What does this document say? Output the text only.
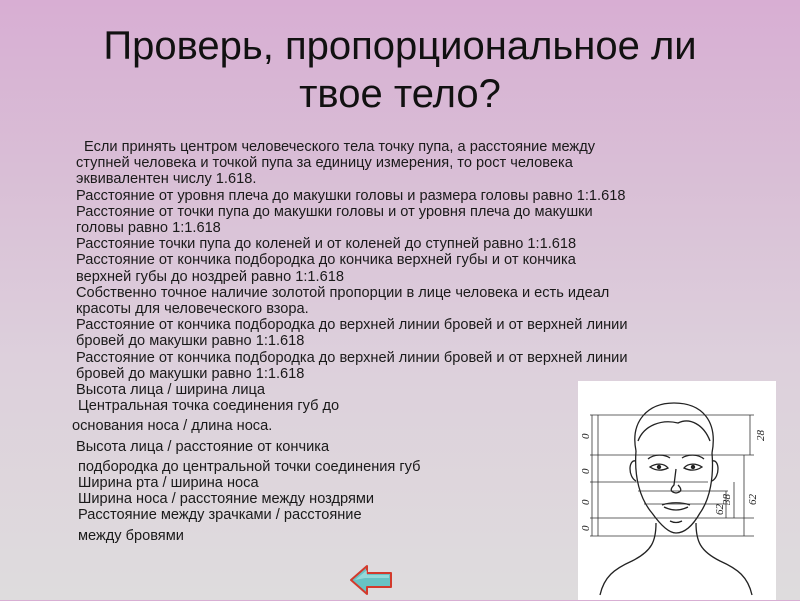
Проверь, пропорциональное ли
твое тело?
Если принять центром человеческого тела точку пупа, а расстояние между
ступней человека и точкой пупа за единицу измерения, то рост человека
эквивалентен числу 1.618.
Расстояние от уровня плеча до макушки головы и размера головы равно 1:1.618
Расстояние от точки пупа до макушки головы и от уровня плеча до макушки
головы равно 1:1.618
Расстояние точки пупа до коленей и от коленей до ступней равно 1:1.618
Расстояние от кончика подбородка до кончика верхней губы и от кончика
верхней губы до ноздрей равно 1:1.618
Собственно точное наличие золотой пропорции в лице человека и есть идеал
красоты для человеческого взора.
Расстояние от кончика подбородка до верхней линии бровей и от верхней линии
бровей до макушки равно 1:1.618
Расстояние от кончика подбородка до верхней линии бровей и от верхней линии
бровей до макушки равно 1:1.618
Высота лица / ширина лица
Центральная точка соединения губ до
основания носа / длина носа.
Высота лица / расстояние от кончика
подбородка до центральной точки соединения губ
Ширина рта / ширина носа
Ширина носа / расстояние между ноздрями
Расстояние между зрачками / расстояние
между бровями
0
0
0
0
28
62
38
62
